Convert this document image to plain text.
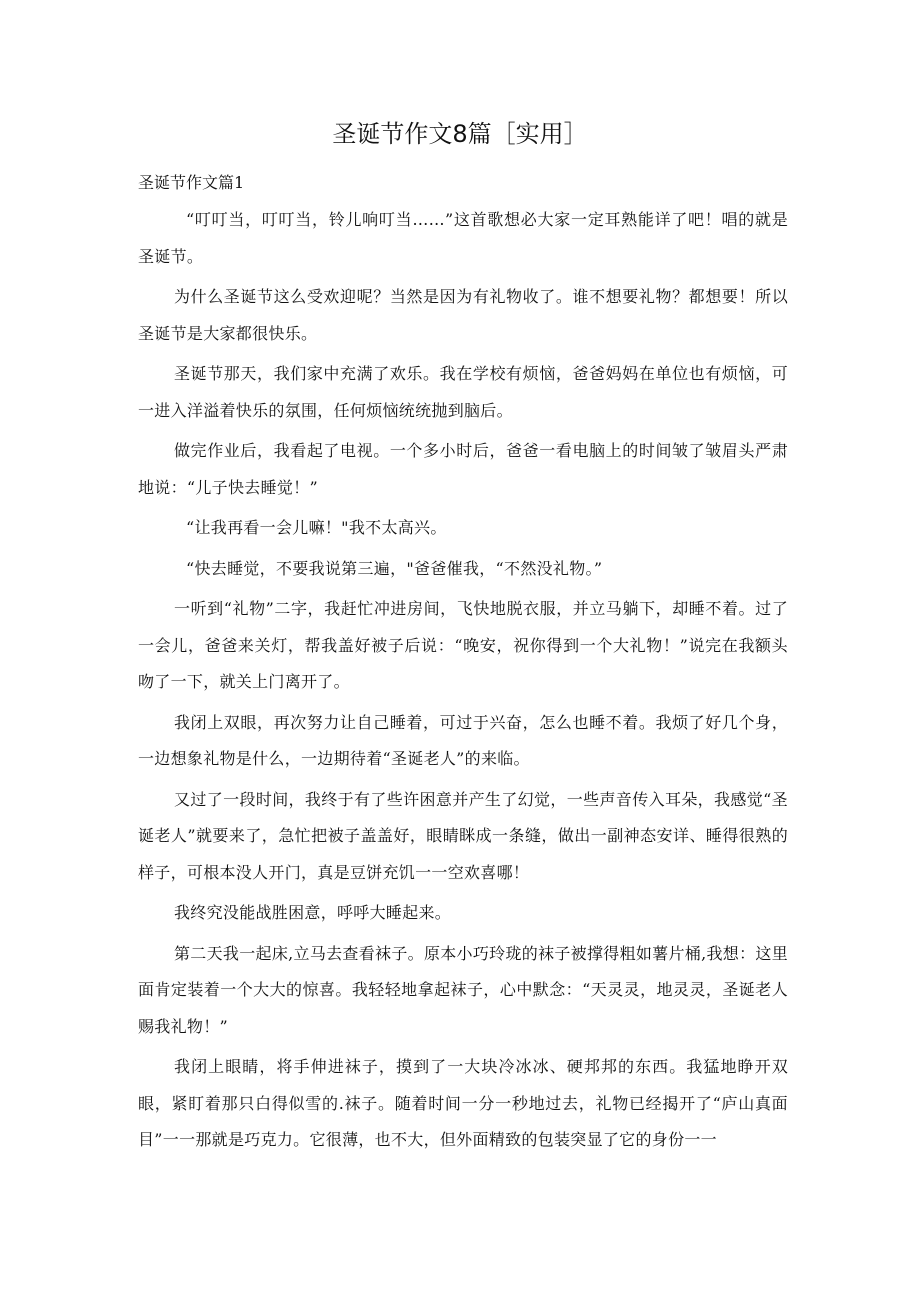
圣诞节作文8篇［实用］
圣诞节作文篇1

“叮叮当，叮叮当，铃儿响叮当……”这首歌想必大家一定耳熟能详了吧！唱的就是圣诞节。

为什么圣诞节这么受欢迎呢？当然是因为有礼物收了。谁不想要礼物？都想要！所以圣诞节是大家都很快乐。

圣诞节那天，我们家中充满了欢乐。我在学校有烦恼，爸爸妈妈在单位也有烦恼，可一进入洋溢着快乐的氛围，任何烦恼统统抛到脑后。

做完作业后，我看起了电视。一个多小时后，爸爸一看电脑上的时间皱了皱眉头严肃地说：“儿子快去睡觉！”

“让我再看一会儿嘛！"我不太高兴。

“快去睡觉，不要我说第三遍，"爸爸催我，“不然没礼物。”

一听到“礼物”二字，我赶忙冲进房间，飞快地脱衣服，并立马躺下，却睡不着。过了一会儿，爸爸来关灯，帮我盖好被子后说：“晚安，祝你得到一个大礼物！”说完在我额头吻了一下，就关上门离开了。

我闭上双眼，再次努力让自己睡着，可过于兴奋，怎么也睡不着。我烦了好几个身，一边想象礼物是什么，一边期待着“圣诞老人”的来临。

又过了一段时间，我终于有了些许困意并产生了幻觉，一些声音传入耳朵，我感觉“圣诞老人”就要来了，急忙把被子盖盖好，眼睛眯成一条缝，做出一副神态安详、睡得很熟的样子，可根本没人开门，真是豆饼充饥一一空欢喜哪！

我终究没能战胜困意，呼呼大睡起来。

第二天我一起床,立马去查看袜子。原本小巧玲珑的袜子被撑得粗如薯片桶,我想：这里面肯定装着一个大大的惊喜。我轻轻地拿起袜子，心中默念：“天灵灵，地灵灵，圣诞老人赐我礼物！”

我闭上眼睛，将手伸进袜子，摸到了一大块冷冰冰、硬邦邦的东西。我猛地睁开双眼，紧盯着那只白得似雪的.袜子。随着时间一分一秒地过去，礼物已经揭开了“庐山真面目”一一那就是巧克力。它很薄，也不大，但外面精致的包装突显了它的身份一一
